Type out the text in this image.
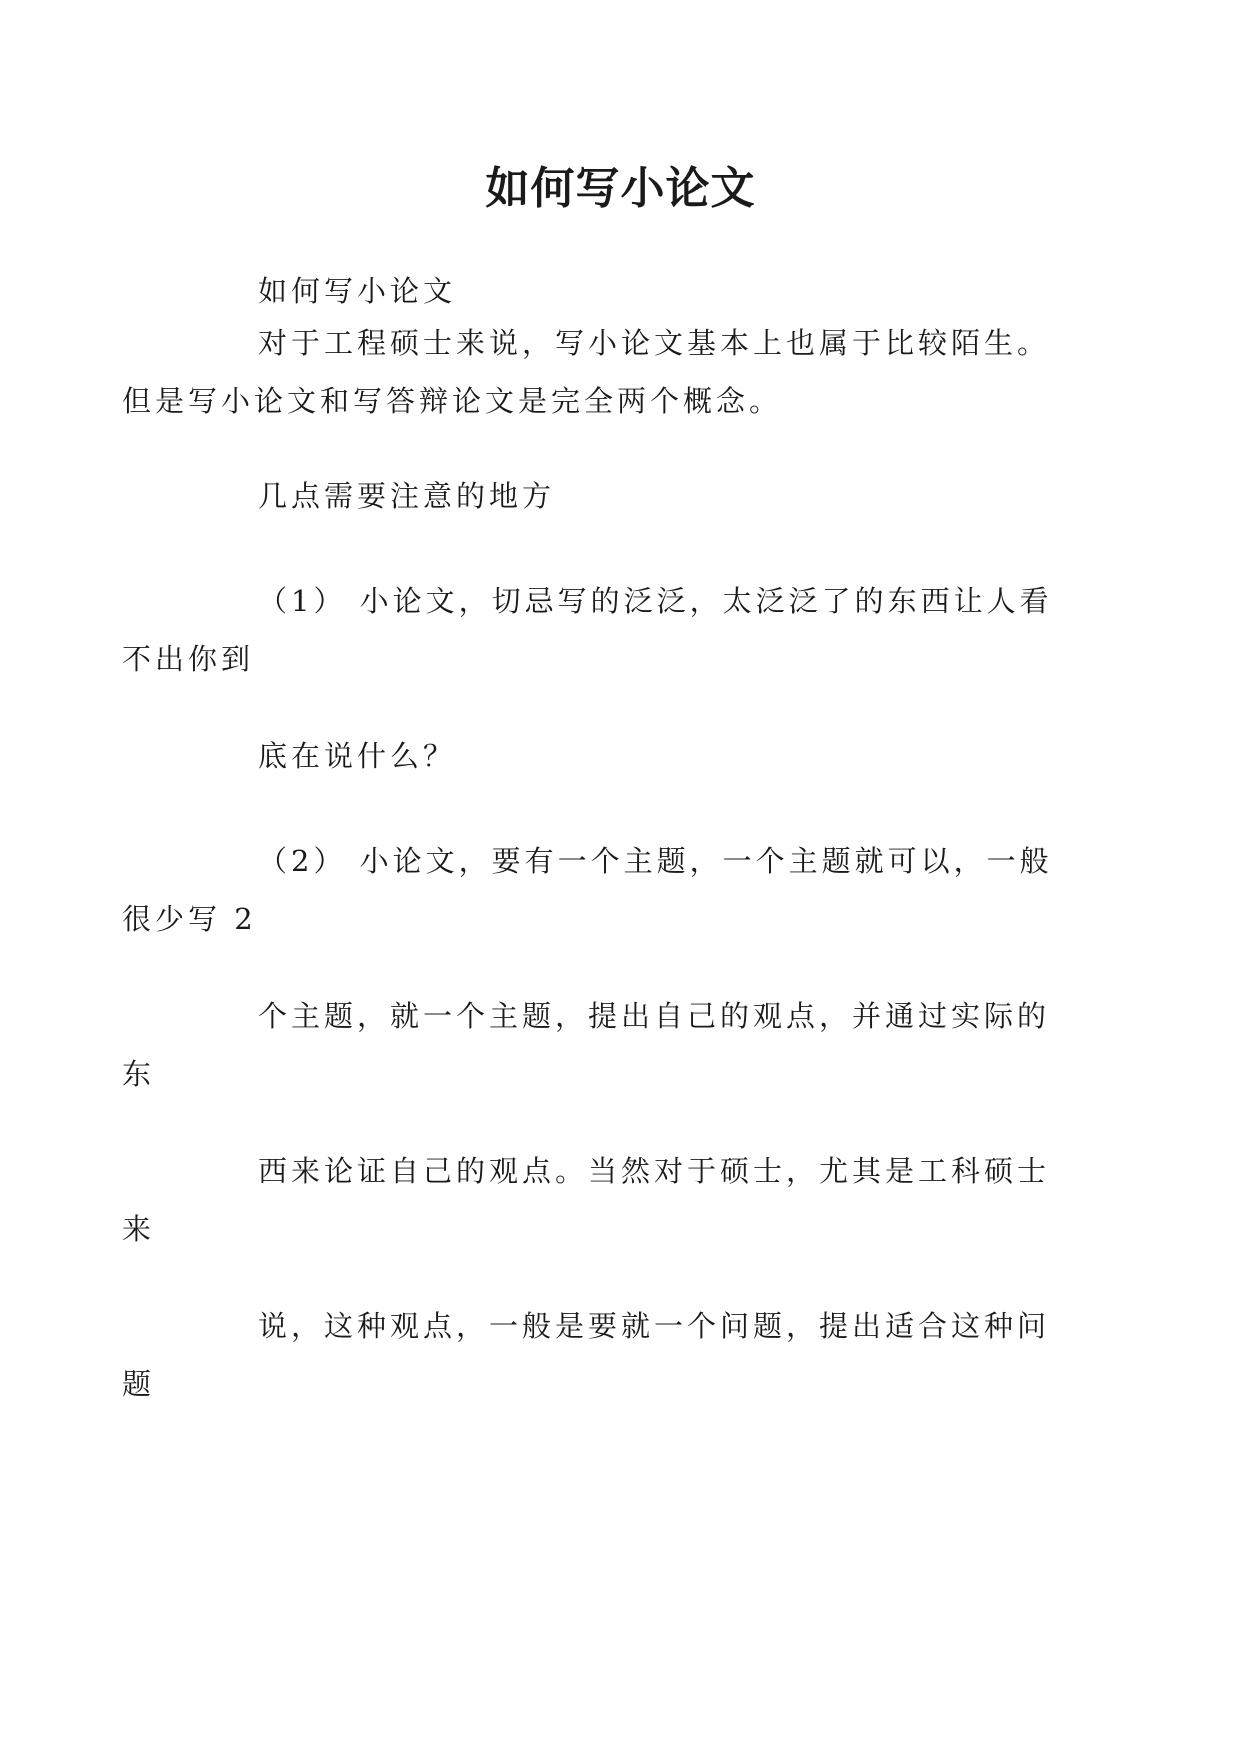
如何写小论文
如何写小论文
对于工程硕士来说，写小论文基本上也属于比较陌生。
但是写小论文和写答辩论文是完全两个概念。
几点需要注意的地方
（1） 小论文，切忌写的泛泛，太泛泛了的东西让人看
不出你到
底在说什么？
（2） 小论文，要有一个主题，一个主题就可以，一般
很少写 2
个主题，就一个主题，提出自己的观点，并通过实际的
东
西来论证自己的观点。当然对于硕士，尤其是工科硕士
来
说，这种观点，一般是要就一个问题，提出适合这种问
题
